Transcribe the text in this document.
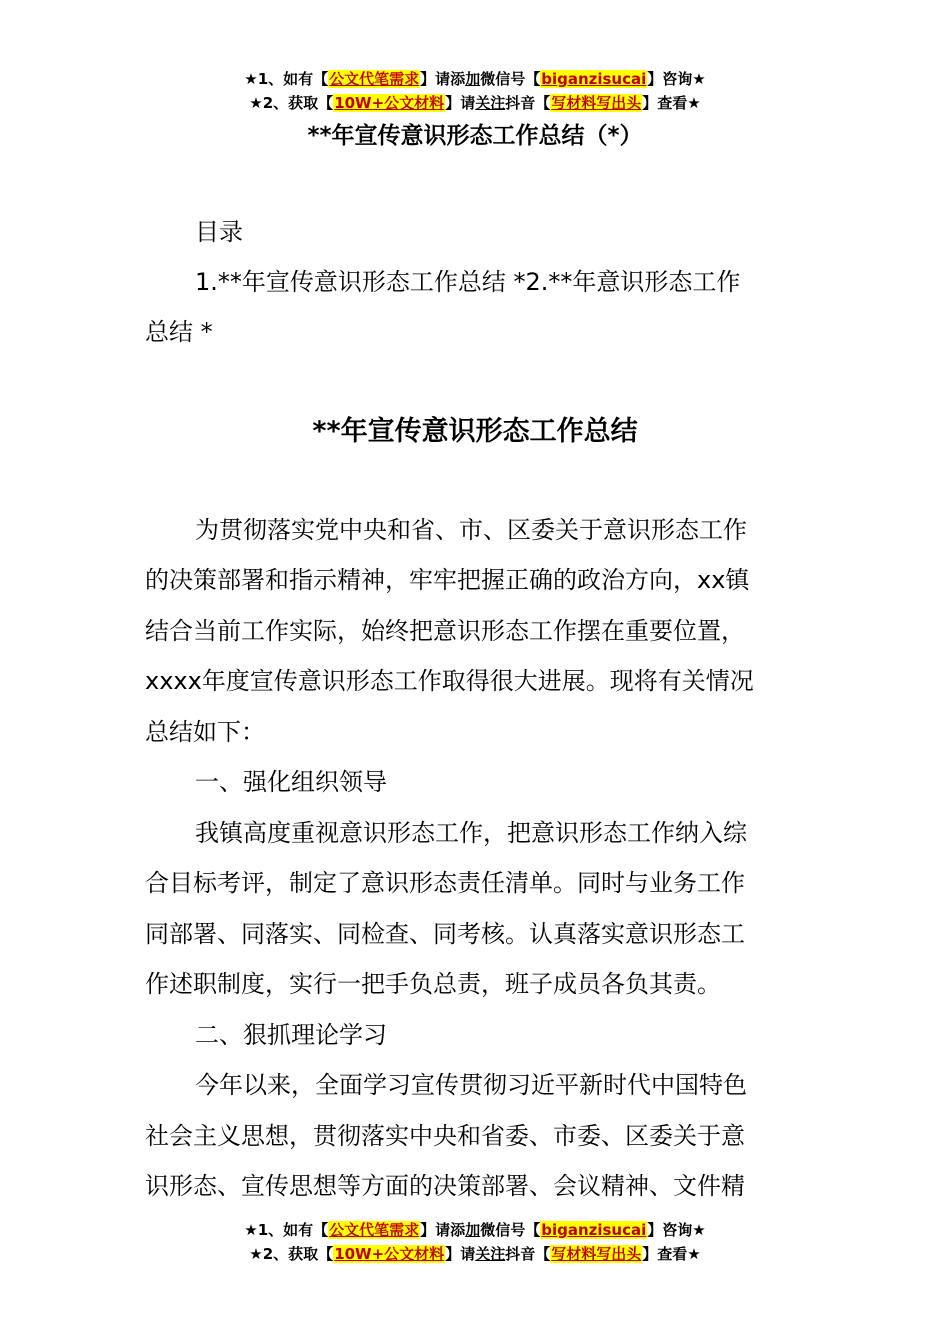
★1、如有【公文代笔需求】请添加微信号【biganzisucai】咨询★
★2、获取【10W+公文材料】请关注抖音【写材料写出头】查看★
**年宣传意识形态工作总结（*）
目录
1.**年宣传意识形态工作总结 *2.**年意识形态工作
总结 *
**年宣传意识形态工作总结
为贯彻落实党中央和省、市、区委关于意识形态工作
的决策部署和指示精神，牢牢把握正确的政治方向，xx镇
结合当前工作实际，始终把意识形态工作摆在重要位置，
xxxx年度宣传意识形态工作取得很大进展。现将有关情况
总结如下：
一、强化组织领导
我镇高度重视意识形态工作，把意识形态工作纳入综
合目标考评，制定了意识形态责任清单。同时与业务工作
同部署、同落实、同检查、同考核。认真落实意识形态工
作述职制度，实行一把手负总责，班子成员各负其责。
二、狠抓理论学习
今年以来，全面学习宣传贯彻习近平新时代中国特色
社会主义思想，贯彻落实中央和省委、市委、区委关于意
识形态、宣传思想等方面的决策部署、会议精神、文件精
★1、如有【公文代笔需求】请添加微信号【biganzisucai】咨询★
★2、获取【10W+公文材料】请关注抖音【写材料写出头】查看★
